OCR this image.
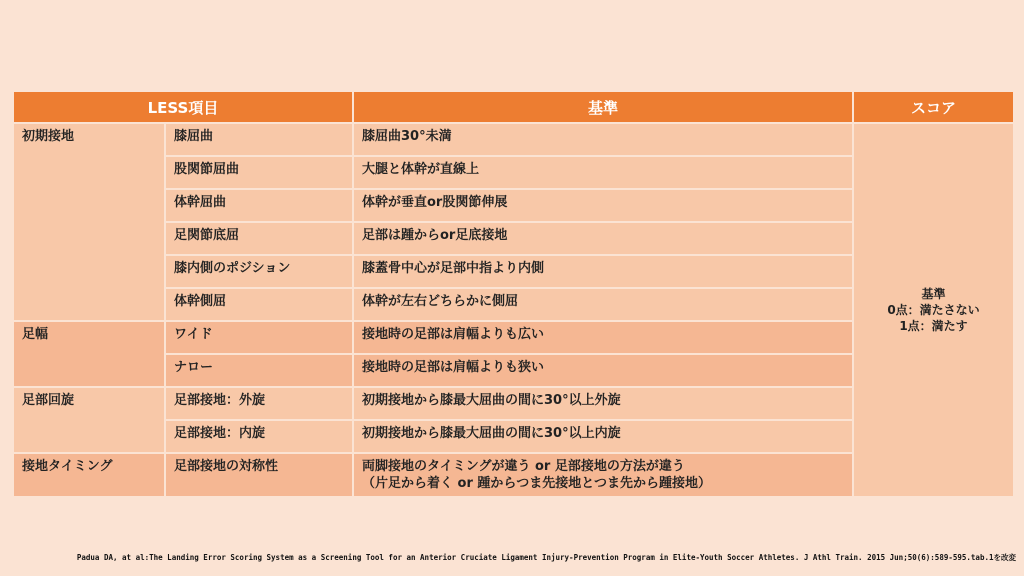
LESS項目		基準	スコア
初期接地	膝屈曲	膝屈曲30°未満	基準
0点：満たさない
1点：満たす

	股関節屈曲	大腿と体幹が直線上	
	体幹屈曲	体幹が垂直or股関節伸展	
	足関節底屈	足部は踵からor足底接地	
	膝内側のポジション	膝蓋骨中心が足部中指より内側	
	体幹側屈	体幹が左右どちらかに側屈	
足幅	ワイド	接地時の足部は肩幅よりも広い	
	ナロー	接地時の足部は肩幅よりも狭い	
足部回旋	足部接地：外旋	初期接地から膝最大屈曲の間に30°以上外旋	
	足部接地：内旋	初期接地から膝最大屈曲の間に30°以上内旋	
接地タイミング	足部接地の対称性	両脚接地のタイミングが違う or 足部接地の方法が違う
（片足から着く or 踵からつま先接地とつま先から踵接地）	
Padua DA, at al:The Landing Error Scoring System as a Screening Tool for an Anterior Cruciate Ligament Injury-Prevention Program in Elite-Youth Soccer Athletes. J Athl Train. 2015 Jun;50(6):589-595.tab.1を改変
